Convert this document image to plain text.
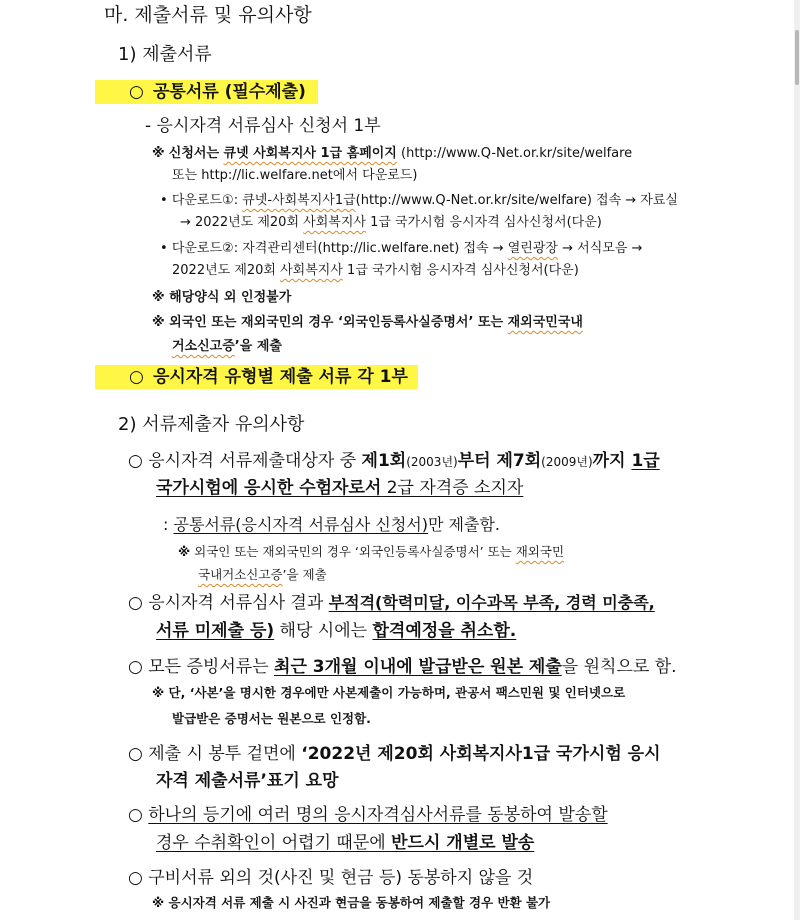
마. 제출서류 및 유의사항
1) 제출서류
○ 공통서류 (필수제출)
- 응시자격 서류심사 신청서 1부
※ 신청서는 큐넷 사회복지사 1급 홈페이지 (http://www.Q-Net.or.kr/site/welfare
또는 http://lic.welfare.net에서 다운로드)
• 다운로드①: 큐넷-사회복지사1급(http://www.Q-Net.or.kr/site/welfare) 접속 → 자료실
→ 2022년도 제20회 사회복지사 1급 국가시험 응시자격 심사신청서(다운)
• 다운로드②: 자격관리센터(http://lic.welfare.net) 접속 → 열린광장 → 서식모음 →
2022년도 제20회 사회복지사 1급 국가시험 응시자격 심사신청서(다운)
※ 해당양식 외 인정불가
※ 외국인 또는 재외국민의 경우 ‘외국인등록사실증명서’ 또는 재외국민국내
거소신고증’을 제출
○ 응시자격 유형별 제출 서류 각 1부
2) 서류제출자 유의사항
○ 응시자격 서류제출대상자 중 제1회(2003년)부터 제7회(2009년)까지 1급
국가시험에 응시한 수험자로서 2급 자격증 소지자
: 공통서류(응시자격 서류심사 신청서)만 제출함.
※ 외국인 또는 재외국민의 경우 ‘외국인등록사실증명서’ 또는 재외국민
국내거소신고증’을 제출
○ 응시자격 서류심사 결과 부적격(학력미달, 이수과목 부족, 경력 미충족,
서류 미제출 등) 해당 시에는 합격예정을 취소함.
○ 모든 증빙서류는 최근 3개월 이내에 발급받은 원본 제출을 원칙으로 함.
※ 단, ‘사본’을 명시한 경우에만 사본제출이 가능하며, 관공서 팩스민원 및 인터넷으로
발급받은 증명서는 원본으로 인정함.
○ 제출 시 봉투 겉면에 ‘2022년 제20회 사회복지사1급 국가시험 응시
자격 제출서류’표기 요망
○ 하나의 등기에 여러 명의 응시자격심사서류를 동봉하여 발송할
경우 수취확인이 어렵기 때문에 반드시 개별로 발송
○ 구비서류 외의 것(사진 및 현금 등) 동봉하지 않을 것
※ 응시자격 서류 제출 시 사진과 현금을 동봉하여 제출할 경우 반환 불가
